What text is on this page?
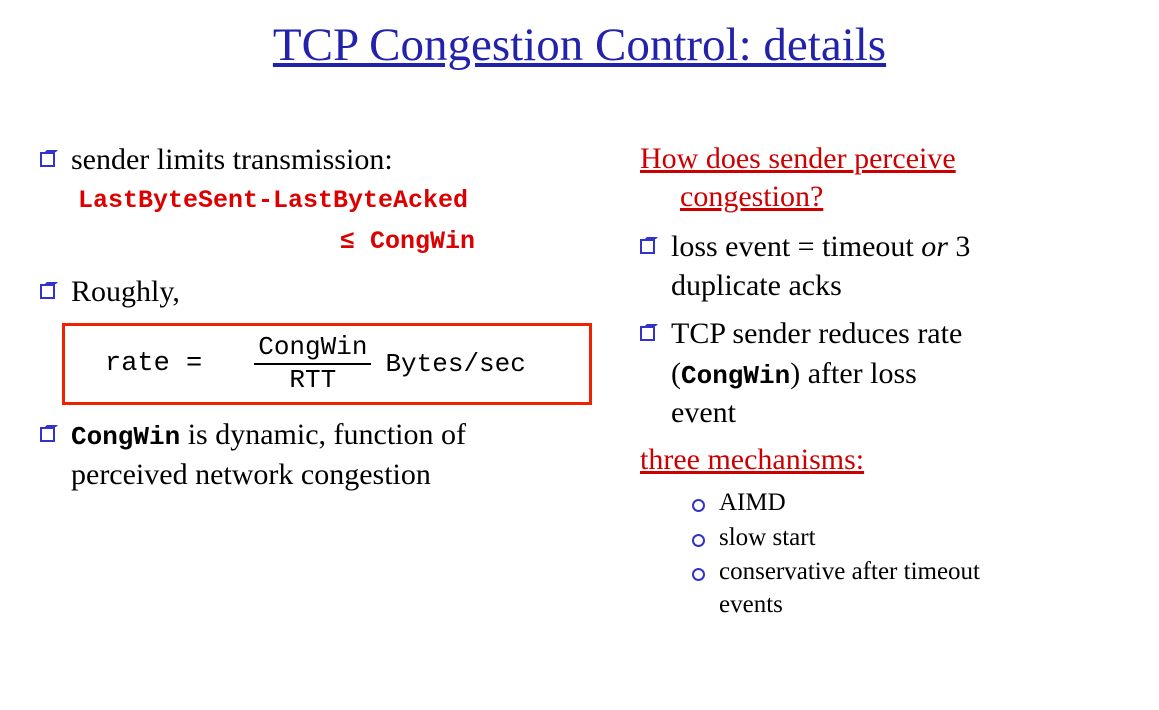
TCP Congestion Control: details
sender limits transmission:
LastByteSent-LastByteAcked
≤ CongWin
Roughly,
rate = $\frac{\text{CongWin}}{\text{RTT}}$ Bytes/sec
CongWin is dynamic, function of
perceived network congestion
How does sender perceive
congestion?
loss event = timeout or 3
duplicate acks
TCP sender reduces rate
(CongWin) after loss
event
three mechanisms:
AIMD
slow start
conservative after timeout
events
